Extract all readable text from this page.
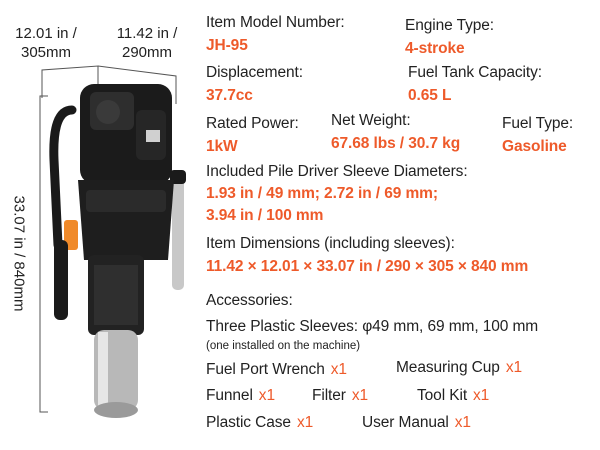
12.01 in /
305mm
11.42 in /
290mm
33.07 in / 840mm
Item Model Number:
JH-95
Engine Type:
4-stroke
Displacement:
37.7cc
Fuel Tank Capacity:
0.65 L
Rated Power:
1kW
Net Weight:
67.68 lbs / 30.7 kg
Fuel Type:
Gasoline
Included Pile Driver Sleeve Diameters:
1.93 in / 49 mm; 2.72 in / 69 mm;
3.94 in / 100 mm
Item Dimensions (including sleeves):
11.42 × 12.01 × 33.07 in / 290 × 305 × 840 mm
Accessories:
Three Plastic Sleeves: φ49 mm, 69 mm, 100 mm
(one installed on the machine)
Fuel Port Wrench x1	Measuring Cup x1
Funnel x1 Filter x1	Tool Kit x1
Plastic Case x1	User Manual x1
